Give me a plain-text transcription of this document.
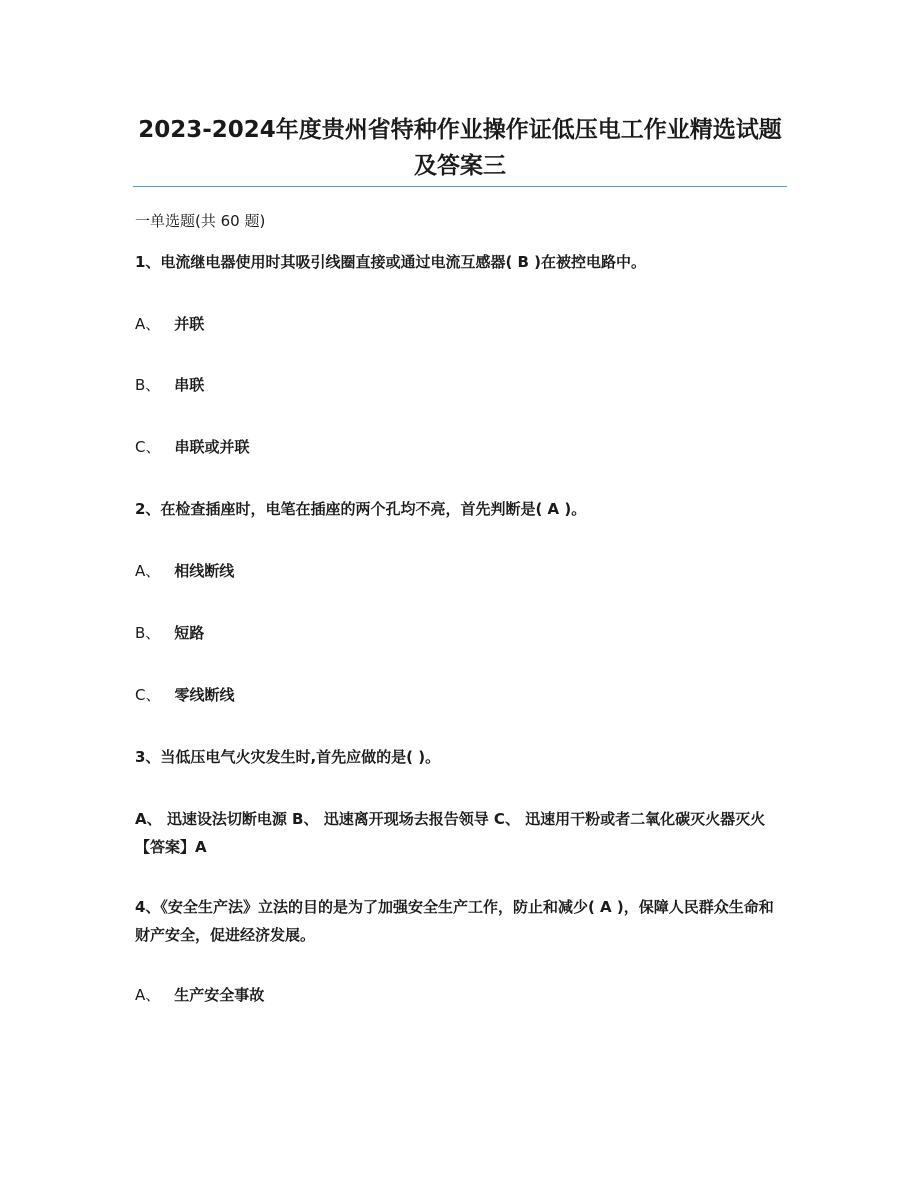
2023-2024年度贵州省特种作业操作证低压电工作业精选试题及答案三

一单选题(共 60 题)

1、电流继电器使用时其吸引线圈直接或通过电流互感器( B )在被控电路中。

A、 并联

B、 串联

C、 串联或并联

2、在检查插座时，电笔在插座的两个孔均不亮，首先判断是( A )。

A、 相线断线

B、 短路

C、 零线断线

3、当低压电气火灾发生时,首先应做的是( )。

A、 迅速设法切断电源 B、 迅速离开现场去报告领导 C、 迅速用干粉或者二氧化碳灭火器灭火【答案】A

4、《安全生产法》立法的目的是为了加强安全生产工作，防止和减少( A )，保障人民群众生命和财产安全，促进经济发展。

A、 生产安全事故
